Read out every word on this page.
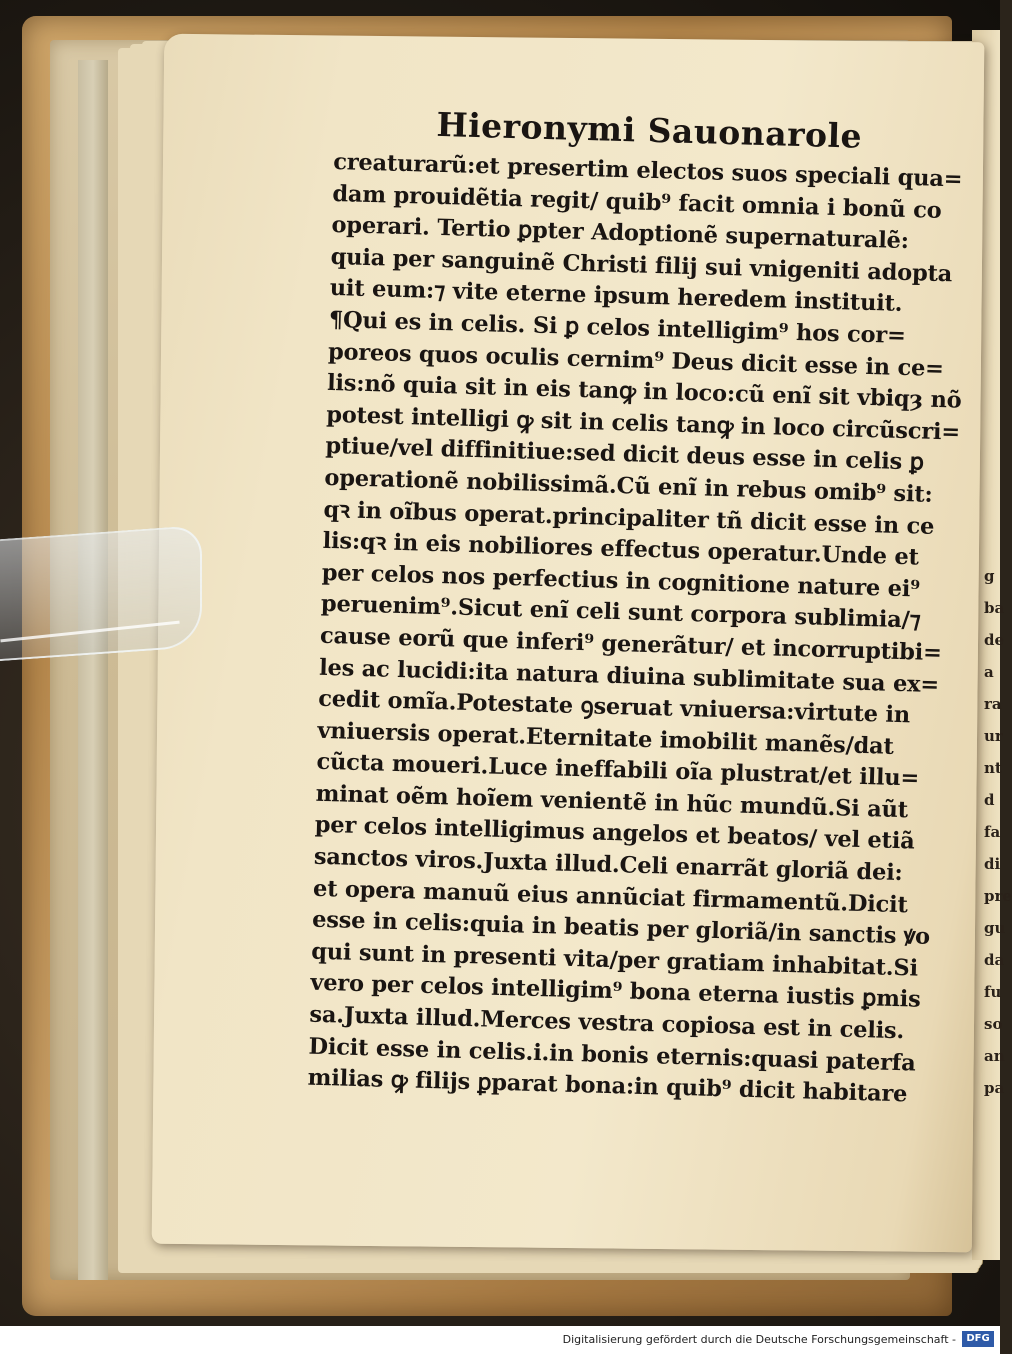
g
ba
de
a
ra
ur
nt
d
fa
di
pre
gu
da
fu
so
an
pa
Hieronymi Sauonarole
creaturarũ:et presertim electos suos speciali qua=
dam prouidẽtia regit/ quib⁹ facit omnia i bonũ co
operari. Tertio ꝑpter Adoptionẽ supernaturalẽ:
quia per sanguinẽ Christi filij sui vnigeniti adopta
uit eum:⁊ vite eterne ipsum heredem instituit.
¶Qui es in celis. Si ꝑ celos intelligim⁹ hos cor=
poreos quos oculis cernim⁹ Deus dicit esse in ce=
lis:nõ quia sit in eis tanꝙ in loco:cũ enĩ sit vbiqȝ nõ
potest intelligi ꝙ sit in celis tanꝙ in loco circũscri=
ptiue/vel diffinitiue:sed dicit deus esse in celis ꝑ
operationẽ nobilissimã.Cũ enĩ in rebus omib⁹ sit:
qꝛ in oĩbus operat.principaliter tñ dicit esse in ce
lis:qꝛ in eis nobiliores effectus operatur.Unde et
per celos nos perfectius in cognitione nature ei⁹
peruenim⁹.Sicut enĩ celi sunt corpora sublimia/⁊
cause eorũ que inferi⁹ generãtur/ et incorruptibi=
les ac lucidi:ita natura diuina sublimitate sua ex=
cedit omĩa.Potestate ꝯseruat vniuersa:virtute in
vniuersis operat.Eternitate imobilit manẽs/dat
cũcta moueri.Luce ineffabili oĩa plustrat/et illu=
minat oẽm hoĩem venientẽ in hũc mundũ.Si aũt
per celos intelligimus angelos et beatos/ vel etiã
sanctos viros.Juxta illud.Celi enarrãt gloriã dei:
et opera manuũ eius annũciat firmamentũ.Dicit
esse in celis:quia in beatis per gloriã/in sanctis ꝟo
qui sunt in presenti vita/per gratiam inhabitat.Si
vero per celos intelligim⁹ bona eterna iustis ꝑmis
sa.Juxta illud.Merces vestra copiosa est in celis.
Dicit esse in celis.i.in bonis eternis:quasi paterfa
milias ꝙ filijs ꝑparat bona:in quib⁹ dicit habitare
Digitalisierung gefördert durch die Deutsche Forschungsgemeinschaft -	DFG
